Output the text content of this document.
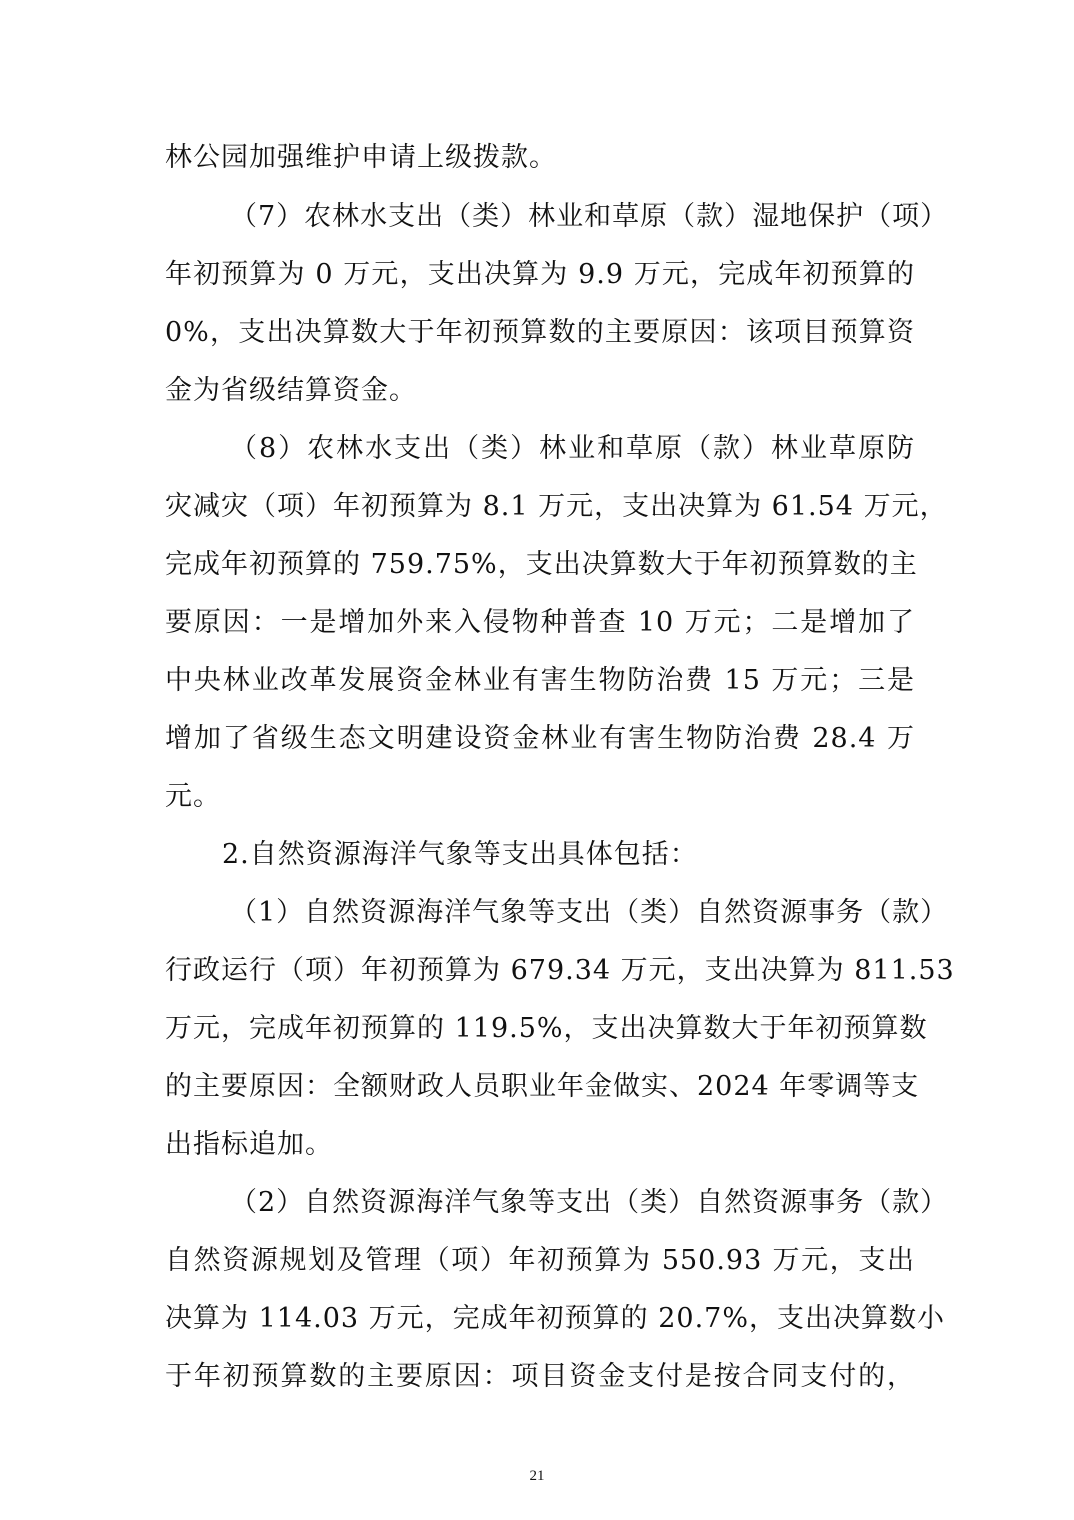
林公园加强维护申请上级拨款。
（7）农林水支出（类）林业和草原（款）湿地保护（项）
年初预算为 0 万元，支出决算为 9.9 万元，完成年初预算的
0%，支出决算数大于年初预算数的主要原因：该项目预算资
金为省级结算资金。
（8）农林水支出（类）林业和草原（款）林业草原防
灾减灾（项）年初预算为 8.1 万元，支出决算为 61.54 万元，
完成年初预算的 759.75%，支出决算数大于年初预算数的主
要原因：一是增加外来入侵物种普查 10 万元；二是增加了
中央林业改革发展资金林业有害生物防治费 15 万元；三是
增加了省级生态文明建设资金林业有害生物防治费 28.4 万
元。
2.自然资源海洋气象等支出具体包括：
（1）自然资源海洋气象等支出（类）自然资源事务（款）
行政运行（项）年初预算为 679.34 万元，支出决算为 811.53
万元，完成年初预算的 119.5%，支出决算数大于年初预算数
的主要原因：全额财政人员职业年金做实、2024 年零调等支
出指标追加。
（2）自然资源海洋气象等支出（类）自然资源事务（款）
自然资源规划及管理（项）年初预算为 550.93 万元，支出
决算为 114.03 万元，完成年初预算的 20.7%，支出决算数小
于年初预算数的主要原因：项目资金支付是按合同支付的，
21
